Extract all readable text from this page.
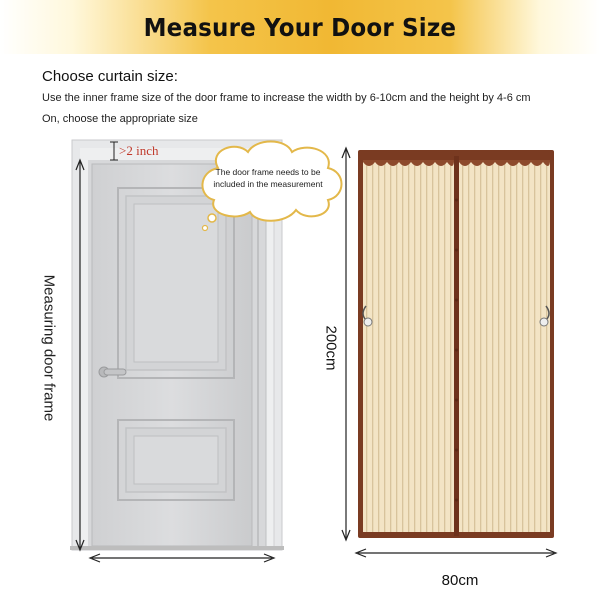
Measure Your Door Size
Choose curtain size:
Use the inner frame size of the door frame to increase the width by 6-10cm and the height by 4-6 cm
On, choose the appropriate size
>2 inch
The door frame needs to be included in the measurement
Measuring door frame	200cm
80cm
